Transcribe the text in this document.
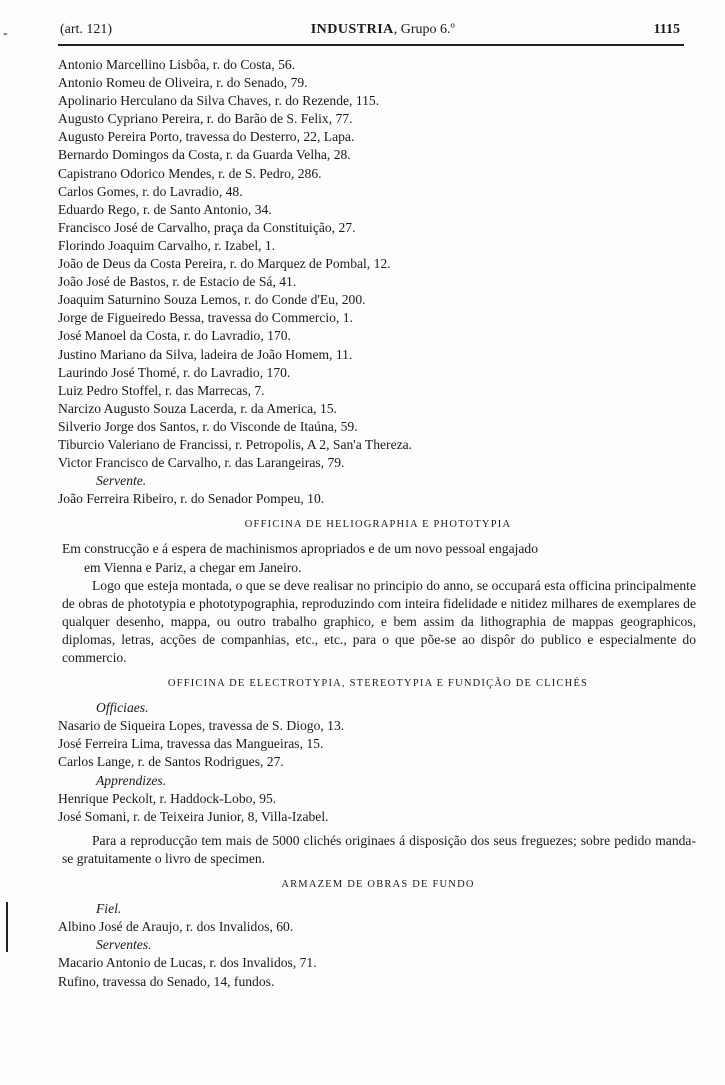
-	(art. 121)	INDUSTRIA, Grupo 6.º	1115
Antonio Marcellino Lisbôa, r. do Costa, 56.
Antonio Romeu de Oliveira, r. do Senado, 79.
Apolinario Herculano da Silva Chaves, r. do Rezende, 115.
Augusto Cypriano Pereira, r. do Barão de S. Felix, 77.
Augusto Pereira Porto, travessa do Desterro, 22, Lapa.
Bernardo Domingos da Costa, r. da Guarda Velha, 28.
Capistrano Odorico Mendes, r. de S. Pedro, 286.
Carlos Gomes, r. do Lavradio, 48.
Eduardo Rego, r. de Santo Antonio, 34.
Francisco José de Carvalho, praça da Constituição, 27.
Florindo Joaquim Carvalho, r. Izabel, 1.
João de Deus da Costa Pereira, r. do Marquez de Pombal, 12.
João José de Bastos, r. de Estacio de Sá, 41.
Joaquim Saturnino Souza Lemos, r. do Conde d'Eu, 200.
Jorge de Figueiredo Bessa, travessa do Commercio, 1.
José Manoel da Costa, r. do Lavradio, 170.
Justino Mariano da Silva, ladeira de João Homem, 11.
Laurindo José Thomé, r. do Lavradio, 170.
Luiz Pedro Stoffel, r. das Marrecas, 7.
Narcizo Augusto Souza Lacerda, r. da America, 15.
Silverio Jorge dos Santos, r. do Visconde de Itaúna, 59.
Tiburcio Valeriano de Francissi, r. Petropolis, A 2, San'a Thereza.
Victor Francisco de Carvalho, r. das Larangeiras, 79.
Servente.
João Ferreira Ribeiro, r. do Senador Pompeu, 10.
OFFICINA DE HELIOGRAPHIA E PHOTOTYPIA
Em construcção e á espera de machinismos apropriados e de um novo pessoal engajado
em Vienna e Pariz, a chegar em Janeiro.
Logo que esteja montada, o que se deve realisar no principio do anno, se occupará esta officina principalmente de obras de phototypia e phototypographia, reproduzindo com inteira fidelidade e nitidez milhares de exemplares de qualquer desenho, mappa, ou outro trabalho graphico, e bem assim da lithographia de mappas geographicos, diplomas, letras, acções de companhias, etc., etc., para o que põe-se ao dispôr do publico e especialmente do commercio.
OFFICINA DE ELECTROTYPIA, STEREOTYPIA E FUNDIÇÃO DE CLICHÉS
Officiaes.
Nasario de Siqueira Lopes, travessa de S. Diogo, 13.
José Ferreira Lima, travessa das Mangueiras, 15.
Carlos Lange, r. de Santos Rodrigues, 27.
Apprendizes.
Henrique Peckolt, r. Haddock-Lobo, 95.
José Somani, r. de Teixeira Junior, 8, Villa-Izabel.
Para a reproducção tem mais de 5000 clichés originaes á disposição dos seus freguezes; sobre pedido manda-se gratuitamente o livro de specimen.
ARMAZEM DE OBRAS DE FUNDO
Fiel.
Albino José de Araujo, r. dos Invalidos, 60.
Serventes.
Macario Antonio de Lucas, r. dos Invalidos, 71.
Rufino, travessa do Senado, 14, fundos.
